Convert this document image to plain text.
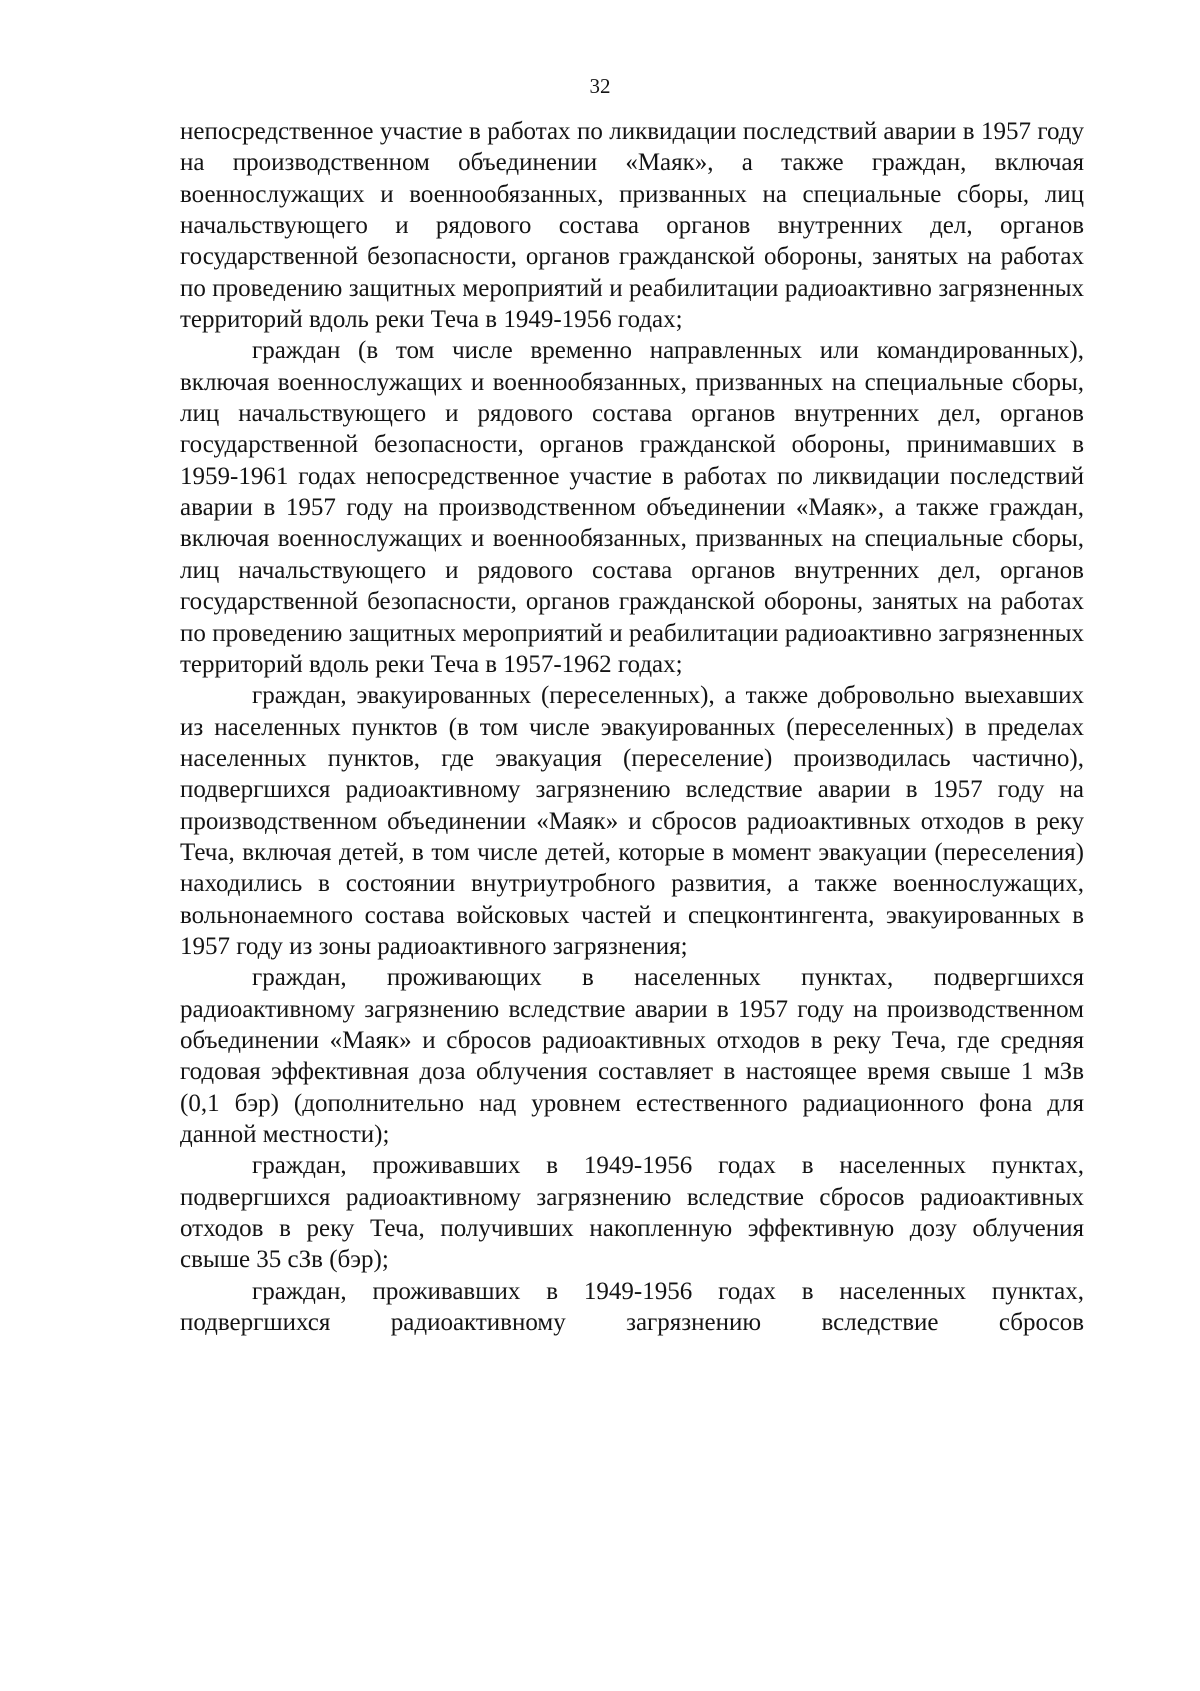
32

непосредственное участие в работах по ликвидации последствий аварии в 1957 году на производственном объединении «Маяк», а также граждан, включая военнослужащих и военнообязанных, призванных на специальные сборы, лиц начальствующего и рядового состава органов внутренних дел, органов государственной безопасности, органов гражданской обороны, занятых на работах по проведению защитных мероприятий и реабилитации радиоактивно загрязненных территорий вдоль реки Теча в 1949-1956 годах;

граждан (в том числе временно направленных или командированных), включая военнослужащих и военнообязанных, призванных на специальные сборы, лиц начальствующего и рядового состава органов внутренних дел, органов государственной безопасности, органов гражданской обороны, принимавших в 1959-1961 годах непосредственное участие в работах по ликвидации последствий аварии в 1957 году на производственном объединении «Маяк», а также граждан, включая военнослужащих и военнообязанных, призванных на специальные сборы, лиц начальствующего и рядового состава органов внутренних дел, органов государственной безопасности, органов гражданской обороны, занятых на работах по проведению защитных мероприятий и реабилитации радиоактивно загрязненных территорий вдоль реки Теча в 1957-1962 годах;

граждан, эвакуированных (переселенных), а также добровольно выехавших из населенных пунктов (в том числе эвакуированных (переселенных) в пределах населенных пунктов, где эвакуация (переселение) производилась частично), подвергшихся радиоактивному загрязнению вследствие аварии в 1957 году на производственном объединении «Маяк» и сбросов радиоактивных отходов в реку Теча, включая детей, в том числе детей, которые в момент эвакуации (переселения) находились в состоянии внутриутробного развития, а также военнослужащих, вольнонаемного состава войсковых частей и спецконтингента, эвакуированных в 1957 году из зоны радиоактивного загрязнения;

граждан, проживающих в населенных пунктах, подвергшихся радиоактивному загрязнению вследствие аварии в 1957 году на производственном объединении «Маяк» и сбросов радиоактивных отходов в реку Теча, где средняя годовая эффективная доза облучения составляет в настоящее время свыше 1 мЗв (0,1 бэр) (дополнительно над уровнем естественного радиационного фона для данной местности);

граждан, проживавших в 1949-1956 годах в населенных пунктах, подвергшихся радиоактивному загрязнению вследствие сбросов радиоактивных отходов в реку Теча, получивших накопленную эффективную дозу облучения свыше 35 сЗв (бэр);

граждан, проживавших в 1949-1956 годах в населенных пунктах, подвергшихся радиоактивному загрязнению вследствие сбросов
